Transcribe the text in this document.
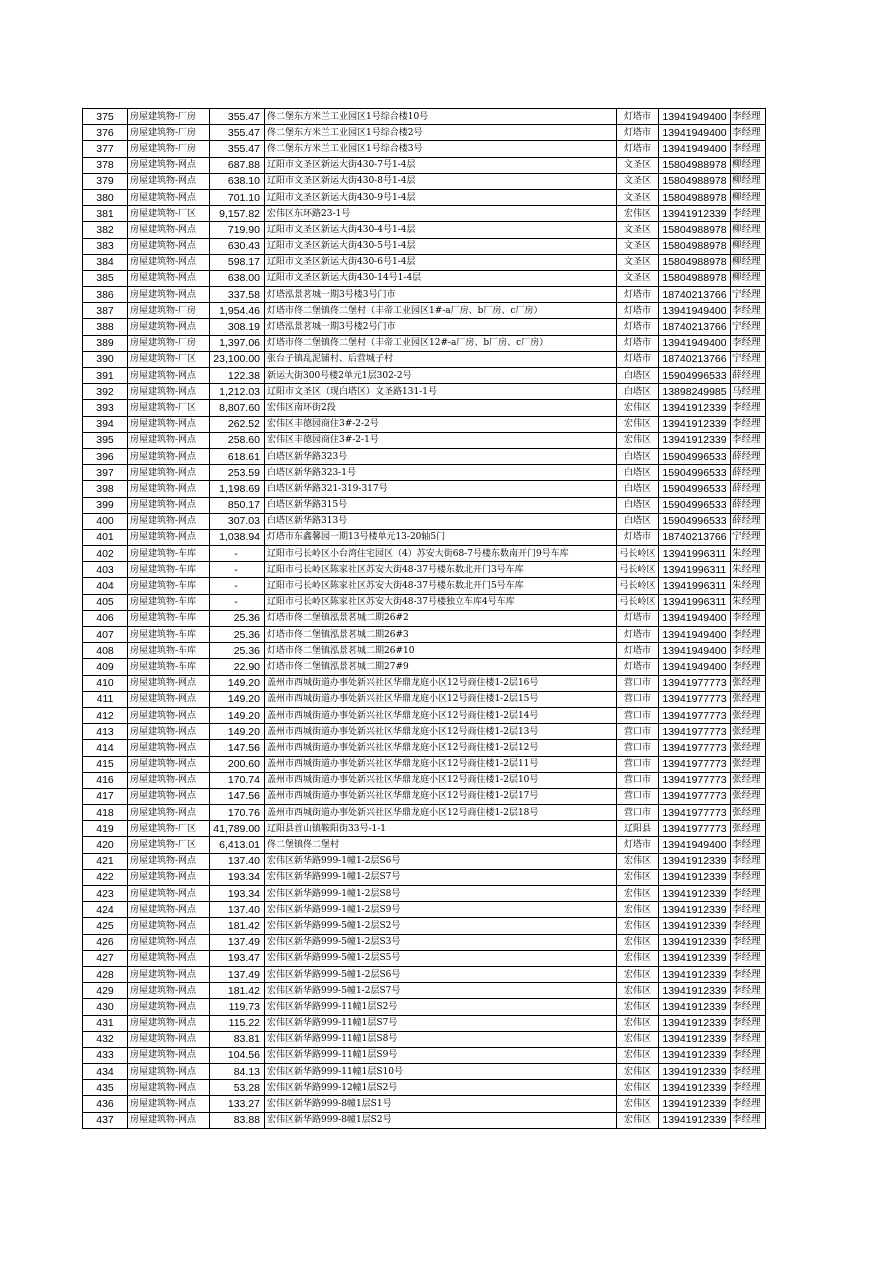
375	房屋建筑物-厂房	355.47	佟二堡东方米兰工业园区1号综合楼10号	灯塔市	13941949400	李经理
376	房屋建筑物-厂房	355.47	佟二堡东方米兰工业园区1号综合楼2号	灯塔市	13941949400	李经理
377	房屋建筑物-厂房	355.47	佟二堡东方米兰工业园区1号综合楼3号	灯塔市	13941949400	李经理
378	房屋建筑物-网点	687.88	辽阳市文圣区新运大街430-7号1-4层	文圣区	15804988978	柳经理
379	房屋建筑物-网点	638.10	辽阳市文圣区新运大街430-8号1-4层	文圣区	15804988978	柳经理
380	房屋建筑物-网点	701.10	辽阳市文圣区新运大街430-9号1-4层	文圣区	15804988978	柳经理
381	房屋建筑物-厂区	9,157.82	宏伟区东环路23-1号	宏伟区	13941912339	李经理
382	房屋建筑物-网点	719.90	辽阳市文圣区新运大街430-4号1-4层	文圣区	15804988978	柳经理
383	房屋建筑物-网点	630.43	辽阳市文圣区新运大街430-5号1-4层	文圣区	15804988978	柳经理
384	房屋建筑物-网点	598.17	辽阳市文圣区新运大街430-6号1-4层	文圣区	15804988978	柳经理
385	房屋建筑物-网点	638.00	辽阳市文圣区新运大街430-14号1-4层	文圣区	15804988978	柳经理
386	房屋建筑物-网点	337.58	灯塔泓景茗城一期3号楼3号门市	灯塔市	18740213766	宁经理
387	房屋建筑物-厂房	1,954.46	灯塔市佟二堡镇佟二堡村（丰帝工业园区1#-a厂房、b厂房、c厂房）	灯塔市	13941949400	李经理
388	房屋建筑物-网点	308.19	灯塔泓景茗城一期3号楼2号门市	灯塔市	18740213766	宁经理
389	房屋建筑物-厂房	1,397.06	灯塔市佟二堡镇佟二堡村（丰帝工业园区12#-a厂房、b厂房、c厂房）	灯塔市	13941949400	李经理
390	房屋建筑物-厂区	23,100.00	张台子镇乱泥铺村、后营城子村	灯塔市	18740213766	宁经理
391	房屋建筑物-网点	122.38	新运大街300号楼2单元1层302-2号	白塔区	15904996533	薛经理
392	房屋建筑物-网点	1,212.03	辽阳市文圣区（现白塔区）文圣路131-1号	白塔区	13898249985	马经理
393	房屋建筑物-厂区	8,807.60	宏伟区南环街2段	宏伟区	13941912339	李经理
394	房屋建筑物-网点	262.52	宏伟区丰德园商住3#-2-2号	宏伟区	13941912339	李经理
395	房屋建筑物-网点	258.60	宏伟区丰德园商住3#-2-1号	宏伟区	13941912339	李经理
396	房屋建筑物-网点	618.61	白塔区新华路323号	白塔区	15904996533	薛经理
397	房屋建筑物-网点	253.59	白塔区新华路323-1号	白塔区	15904996533	薛经理
398	房屋建筑物-网点	1,198.69	白塔区新华路321-319-317号	白塔区	15904996533	薛经理
399	房屋建筑物-网点	850.17	白塔区新华路315号	白塔区	15904996533	薛经理
400	房屋建筑物-网点	307.03	白塔区新华路313号	白塔区	15904996533	薛经理
401	房屋建筑物-网点	1,038.94	灯塔市东鑫馨园一期13号楼单元13-20轴5门	灯塔市	18740213766	宁经理
402	房屋建筑物-车库	-	辽阳市弓长岭区小台湾住宅园区（4）苏安大街68-7号楼东数南开门9号车库	弓长岭区	13941996311	朱经理
403	房屋建筑物-车库	-	辽阳市弓长岭区陈家社区苏安大街48-37号楼东数北开门3号车库	弓长岭区	13941996311	朱经理
404	房屋建筑物-车库	-	辽阳市弓长岭区陈家社区苏安大街48-37号楼东数北开门5号车库	弓长岭区	13941996311	朱经理
405	房屋建筑物-车库	-	辽阳市弓长岭区陈家社区苏安大街48-37号楼独立车库4号车库	弓长岭区	13941996311	朱经理
406	房屋建筑物-车库	25.36	灯塔市佟二堡镇泓景茗城二期26#2	灯塔市	13941949400	李经理
407	房屋建筑物-车库	25.36	灯塔市佟二堡镇泓景茗城二期26#3	灯塔市	13941949400	李经理
408	房屋建筑物-车库	25.36	灯塔市佟二堡镇泓景茗城二期26#10	灯塔市	13941949400	李经理
409	房屋建筑物-车库	22.90	灯塔市佟二堡镇泓景茗城二期27#9	灯塔市	13941949400	李经理
410	房屋建筑物-网点	149.20	盖州市西城街道办事处新兴社区华鼎龙庭小区12号商住楼1-2层16号	营口市	13941977773	张经理
411	房屋建筑物-网点	149.20	盖州市西城街道办事处新兴社区华鼎龙庭小区12号商住楼1-2层15号	营口市	13941977773	张经理
412	房屋建筑物-网点	149.20	盖州市西城街道办事处新兴社区华鼎龙庭小区12号商住楼1-2层14号	营口市	13941977773	张经理
413	房屋建筑物-网点	149.20	盖州市西城街道办事处新兴社区华鼎龙庭小区12号商住楼1-2层13号	营口市	13941977773	张经理
414	房屋建筑物-网点	147.56	盖州市西城街道办事处新兴社区华鼎龙庭小区12号商住楼1-2层12号	营口市	13941977773	张经理
415	房屋建筑物-网点	200.60	盖州市西城街道办事处新兴社区华鼎龙庭小区12号商住楼1-2层11号	营口市	13941977773	张经理
416	房屋建筑物-网点	170.74	盖州市西城街道办事处新兴社区华鼎龙庭小区12号商住楼1-2层10号	营口市	13941977773	张经理
417	房屋建筑物-网点	147.56	盖州市西城街道办事处新兴社区华鼎龙庭小区12号商住楼1-2层17号	营口市	13941977773	张经理
418	房屋建筑物-网点	170.76	盖州市西城街道办事处新兴社区华鼎龙庭小区12号商住楼1-2层18号	营口市	13941977773	张经理
419	房屋建筑物-厂区	41,789.00	辽阳县首山镇鞍阳街33号-1-1	辽阳县	13941977773	张经理
420	房屋建筑物-厂区	6,413.01	佟二堡镇佟二堡村	灯塔市	13941949400	李经理
421	房屋建筑物-网点	137.40	宏伟区新华路999-1幢1-2层S6号	宏伟区	13941912339	李经理
422	房屋建筑物-网点	193.34	宏伟区新华路999-1幢1-2层S7号	宏伟区	13941912339	李经理
423	房屋建筑物-网点	193.34	宏伟区新华路999-1幢1-2层S8号	宏伟区	13941912339	李经理
424	房屋建筑物-网点	137.40	宏伟区新华路999-1幢1-2层S9号	宏伟区	13941912339	李经理
425	房屋建筑物-网点	181.42	宏伟区新华路999-5幢1-2层S2号	宏伟区	13941912339	李经理
426	房屋建筑物-网点	137.49	宏伟区新华路999-5幢1-2层S3号	宏伟区	13941912339	李经理
427	房屋建筑物-网点	193.47	宏伟区新华路999-5幢1-2层S5号	宏伟区	13941912339	李经理
428	房屋建筑物-网点	137.49	宏伟区新华路999-5幢1-2层S6号	宏伟区	13941912339	李经理
429	房屋建筑物-网点	181.42	宏伟区新华路999-5幢1-2层S7号	宏伟区	13941912339	李经理
430	房屋建筑物-网点	119.73	宏伟区新华路999-11幢1层S2号	宏伟区	13941912339	李经理
431	房屋建筑物-网点	115.22	宏伟区新华路999-11幢1层S7号	宏伟区	13941912339	李经理
432	房屋建筑物-网点	83.81	宏伟区新华路999-11幢1层S8号	宏伟区	13941912339	李经理
433	房屋建筑物-网点	104.56	宏伟区新华路999-11幢1层S9号	宏伟区	13941912339	李经理
434	房屋建筑物-网点	84.13	宏伟区新华路999-11幢1层S10号	宏伟区	13941912339	李经理
435	房屋建筑物-网点	53.28	宏伟区新华路999-12幢1层S2号	宏伟区	13941912339	李经理
436	房屋建筑物-网点	133.27	宏伟区新华路999-8幢1层S1号	宏伟区	13941912339	李经理
437	房屋建筑物-网点	83.88	宏伟区新华路999-8幢1层S2号	宏伟区	13941912339	李经理
